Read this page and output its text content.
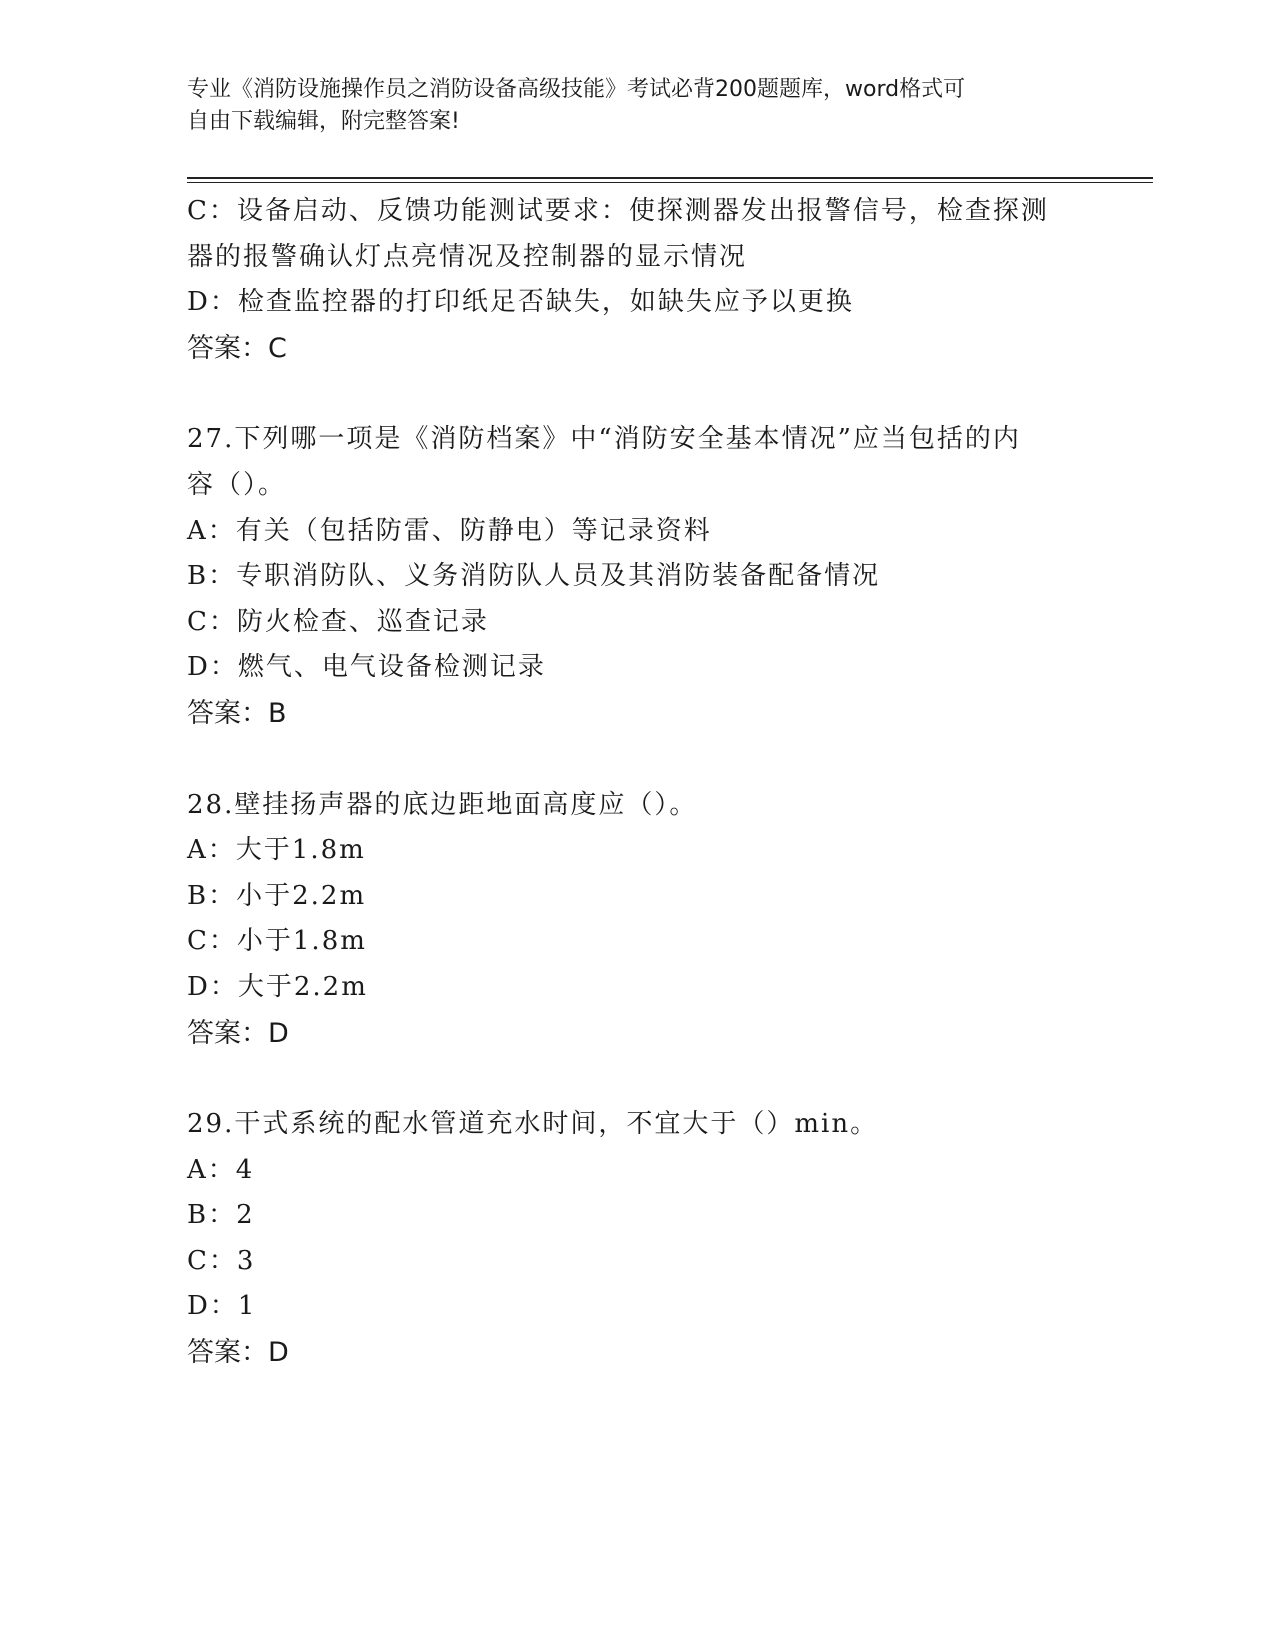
专业《消防设施操作员之消防设备高级技能》考试必背200题题库，word格式可
自由下载编辑，附完整答案!
C：设备启动、反馈功能测试要求：使探测器发出报警信号，检查探测
器的报警确认灯点亮情况及控制器的显示情况
D：检查监控器的打印纸足否缺失，如缺失应予以更换
答案：C
27.下列哪一项是《消防档案》中“消防安全基本情况”应当包括的内
容（）。
A：有关（包括防雷、防静电）等记录资料
B：专职消防队、义务消防队人员及其消防装备配备情况
C：防火检查、巡查记录
D：燃气、电气设备检测记录
答案：B
28.壁挂扬声器的底边距地面高度应（）。
A：大于1.8m
B：小于2.2m
C：小于1.8m
D：大于2.2m
答案：D
29.干式系统的配水管道充水时间，不宜大于（）min。
A：4
B：2
C：3
D：1
答案：D
